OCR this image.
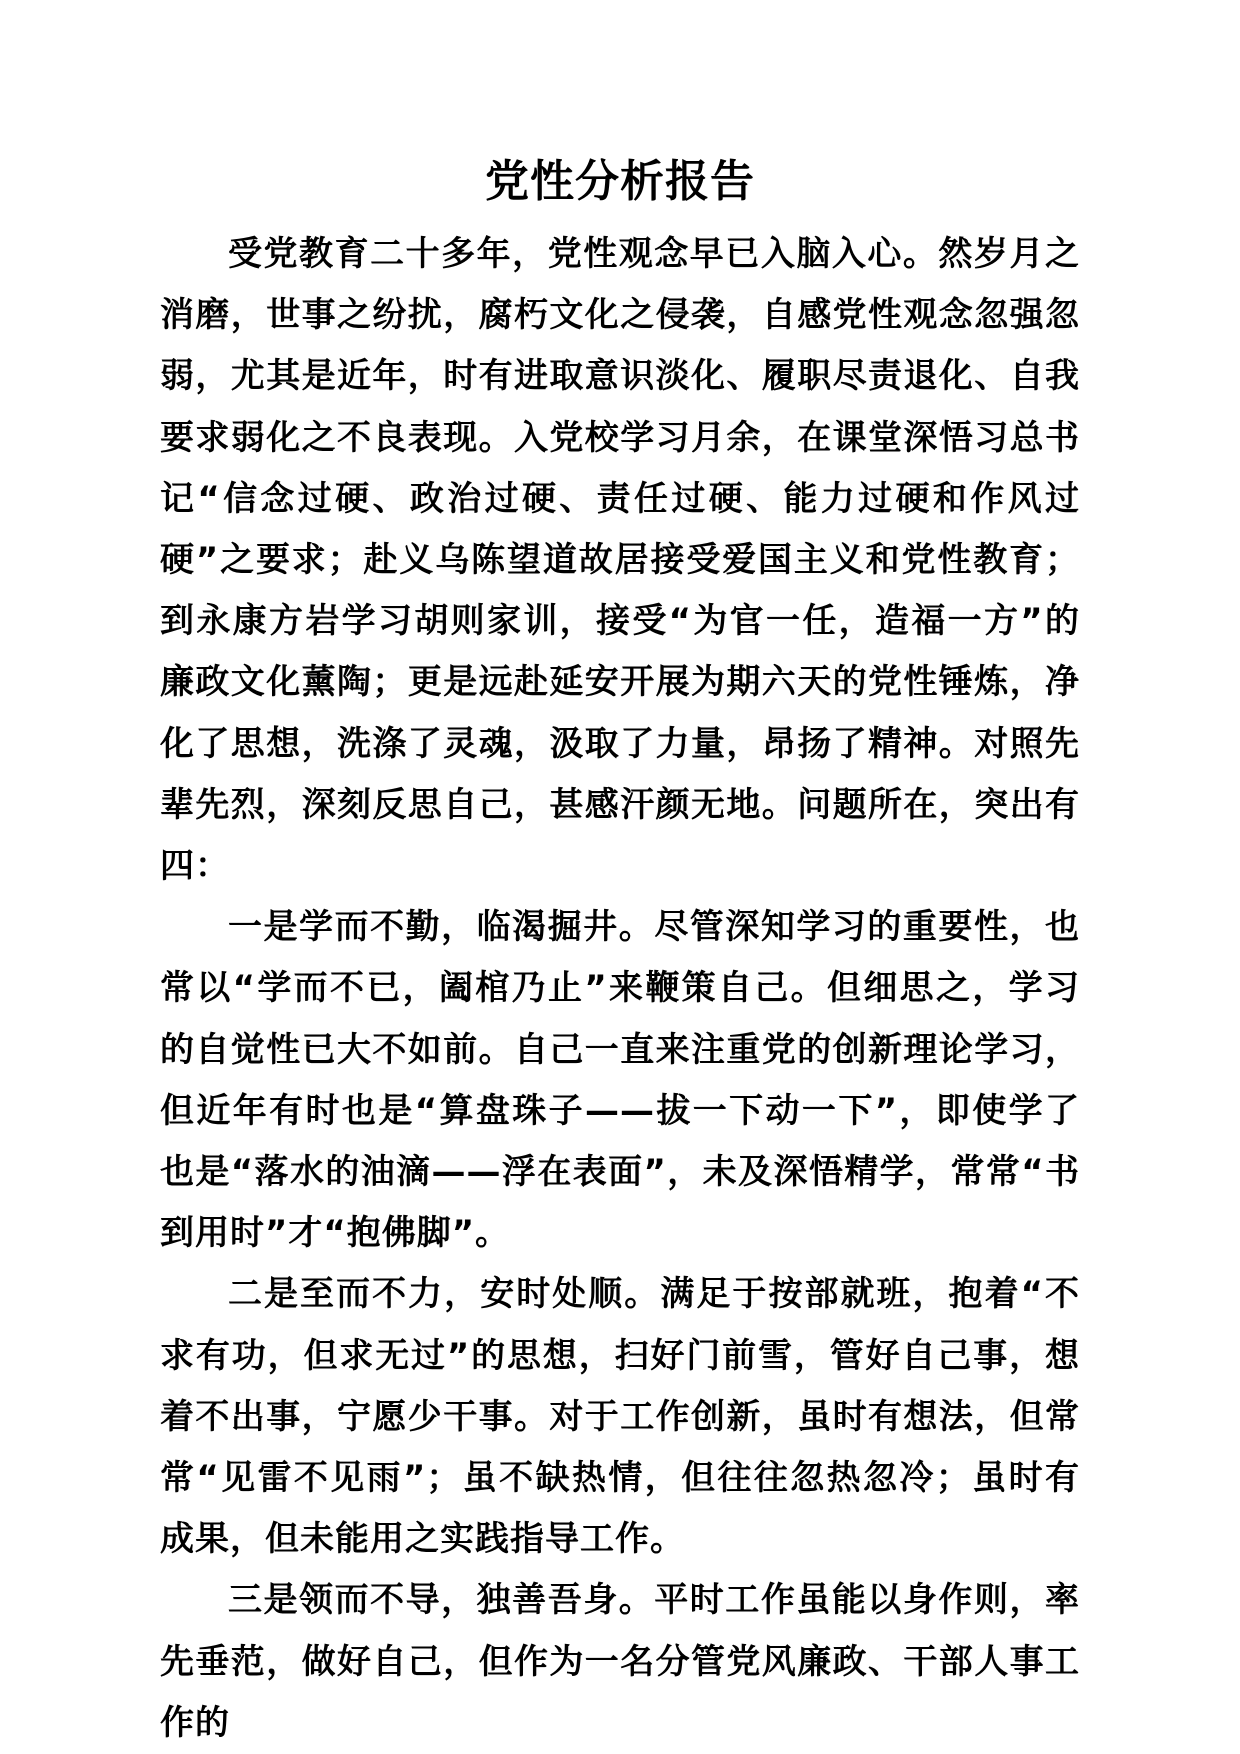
党性分析报告

受党教育二十多年，党性观念早已入脑入心。然岁月之消磨，世事之纷扰，腐朽文化之侵袭，自感党性观念忽强忽弱，尤其是近年，时有进取意识淡化、履职尽责退化、自我要求弱化之不良表现。入党校学习月余，在课堂深悟习总书记“信念过硬、政治过硬、责任过硬、能力过硬和作风过硬”之要求；赴义乌陈望道故居接受爱国主义和党性教育；到永康方岩学习胡则家训，接受“为官一任，造福一方”的廉政文化薰陶；更是远赴延安开展为期六天的党性锤炼，净化了思想，洗涤了灵魂，汲取了力量，昂扬了精神。对照先辈先烈，深刻反思自己，甚感汗颜无地。问题所在，突出有四：

一是学而不勤，临渴掘井。尽管深知学习的重要性，也常以“学而不已，阖棺乃止”来鞭策自己。但细思之，学习的自觉性已大不如前。自己一直来注重党的创新理论学习，但近年有时也是“算盘珠子——拔一下动一下”，即使学了也是“落水的油滴——浮在表面”，未及深悟精学，常常“书到用时”才“抱佛脚”。

二是至而不力，安时处顺。满足于按部就班，抱着“不求有功，但求无过”的思想，扫好门前雪，管好自己事，想着不出事，宁愿少干事。对于工作创新，虽时有想法，但常常“见雷不见雨”；虽不缺热情，但往往忽热忽冷；虽时有成果，但未能用之实践指导工作。

三是领而不导，独善吾身。平时工作虽能以身作则，率先垂范，做好自己，但作为一名分管党风廉政、干部人事工作的
